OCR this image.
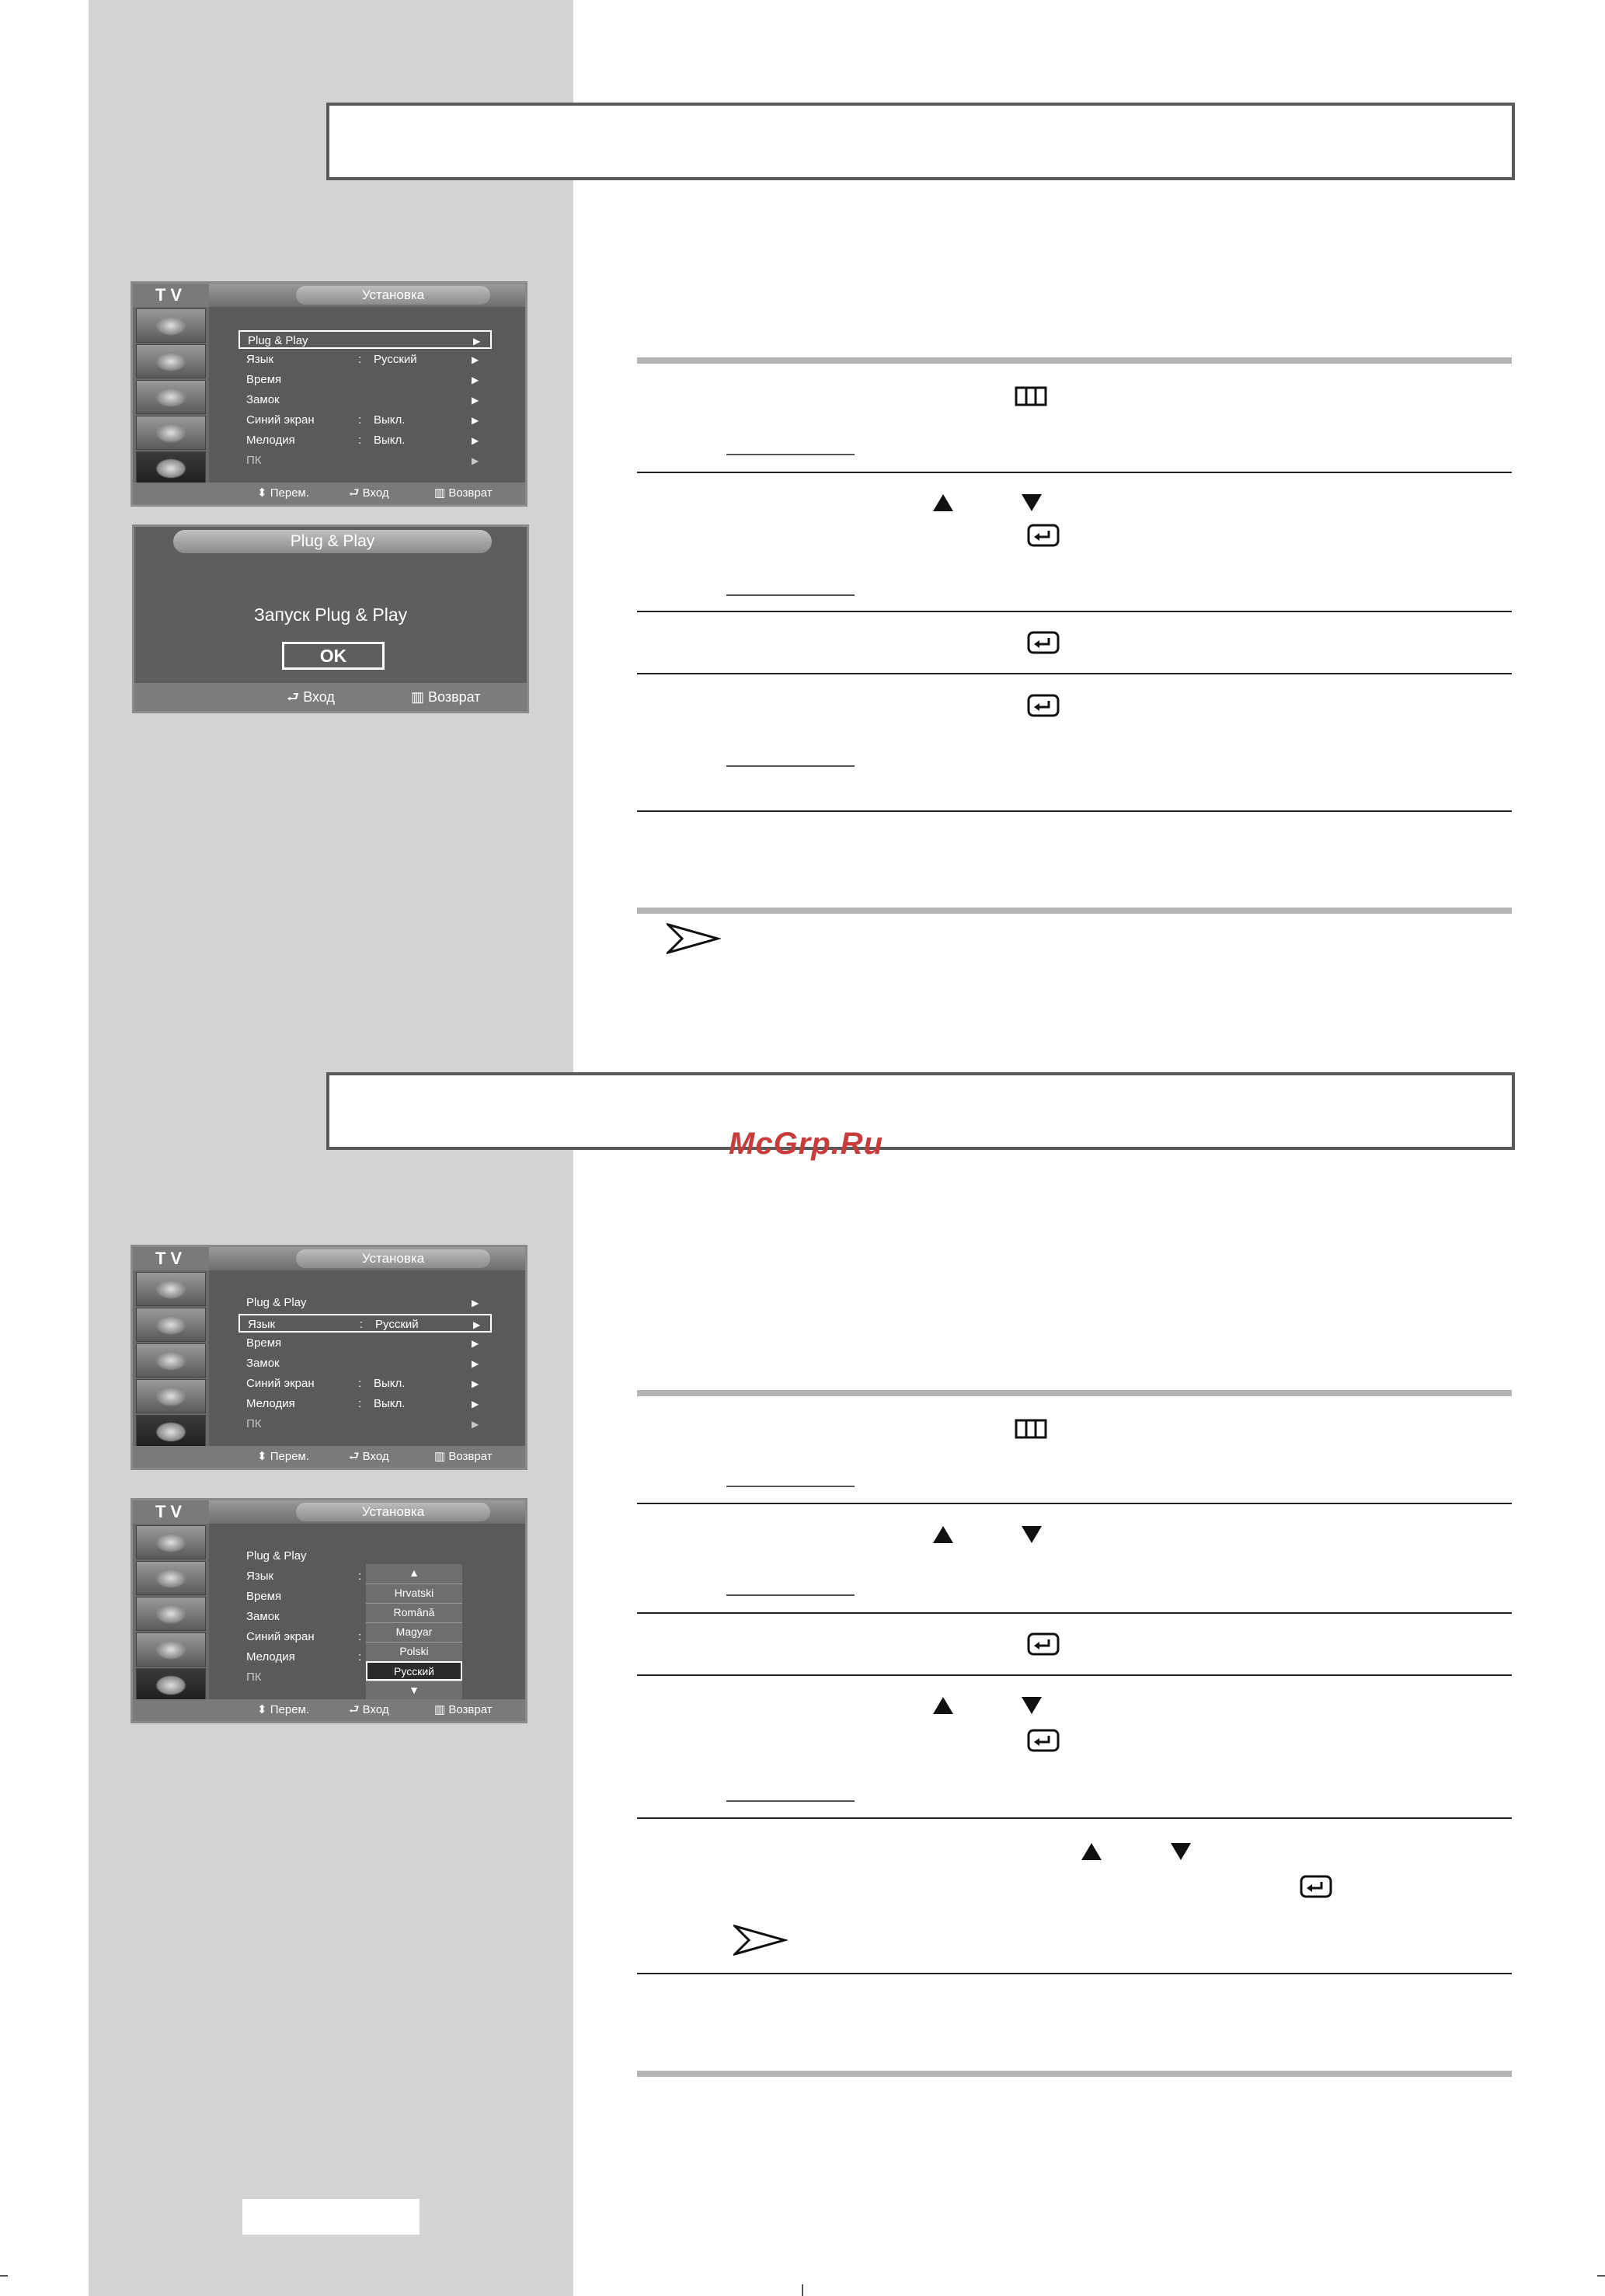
TV	Установка
Plug & Play	▶
Язык	: Русский	▶
Время	▶
Замок	▶
Синий экран	: Выкл.	▶
Мелодия	: Выкл.	▶
ПК	▶
⬍ Перем.	⮐ Вход	▥ Возврат
Plug & Play
Запуск Plug & Play
OK
⮐ Вход	▥ Возврат
McGrp.Ru
TV	Установка
Plug & Play	▶
Язык	: Русский	▶
Время	▶
Замок	▶
Синий экран	: Выкл.	▶
Мелодия	: Выкл.	▶
ПК	▶
⬍ Перем.	⮐ Вход	▥ Возврат
TV	Установка
Plug & Play
Язык	:
Время
Замок
Синий экран	:
Мелодия	:
ПК
▲
Hrvatski
Română
Magyar
Polski
Русский
▼
⬍ Перем.	⮐ Вход	▥ Возврат
